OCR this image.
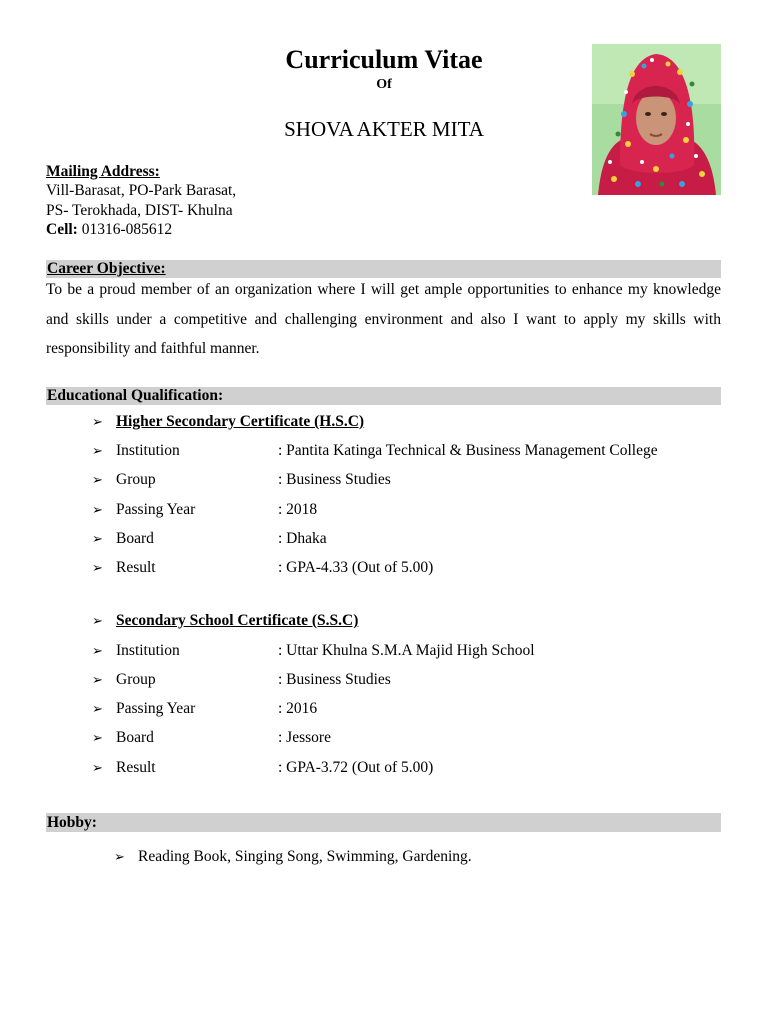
Curriculum Vitae
Of
SHOVA AKTER MITA
Mailing Address:
Vill-Barasat, PO-Park Barasat,
PS- Terokhada, DIST- Khulna
Cell: 01316-085612
Career Objective:
To be a proud member of an organization where I will get ample opportunities to enhance my knowledge and skills under a competitive and challenging environment and also I want to apply my skills with responsibility and faithful manner.
Educational Qualification:
➢ Higher Secondary Certificate (H.S.C)
➢ Institution	: Pantita Katinga Technical & Business Management College
➢ Group	: Business Studies
➢ Passing Year	: 2018
➢ Board	: Dhaka
➢ Result	: GPA-4.33 (Out of 5.00)
➢ Secondary School Certificate (S.S.C)
➢ Institution	: Uttar Khulna S.M.A Majid High School
➢ Group	: Business Studies
➢ Passing Year	: 2016
➢ Board	: Jessore
➢ Result	: GPA-3.72 (Out of 5.00)
Hobby:
➢ Reading Book, Singing Song, Swimming, Gardening.
